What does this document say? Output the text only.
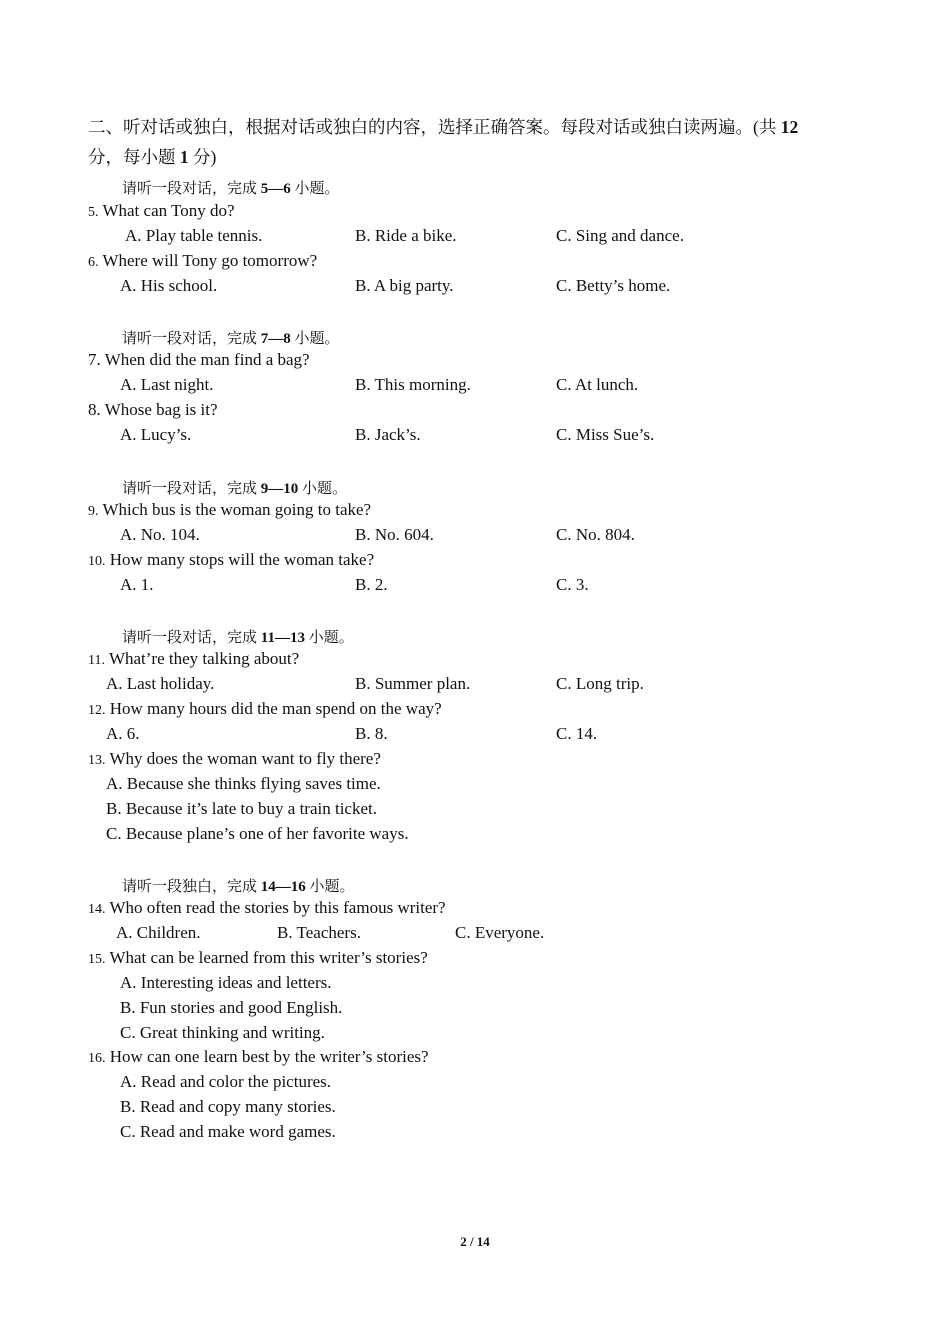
二、听对话或独白，根据对话或独白的内容，选择正确答案。每段对话或独白读两遍。(共 12
分，每小题 1 分)
请听一段对话，完成 5—6 小题。
5. What can Tony do?
A. Play table tennis.	B. Ride a bike.	C. Sing and dance.
6. Where will Tony go tomorrow?
A. His school.	B. A big party.	C. Betty’s home.
请听一段对话，完成 7—8 小题。
7. When did the man find a bag?
A. Last night.	B. This morning.	C. At lunch.
8. Whose bag is it?
A. Lucy’s.	B. Jack’s.	C. Miss Sue’s.
请听一段对话，完成 9—10 小题。
9. Which bus is the woman going to take?
A. No. 104.	B. No. 604.	C. No. 804.
10. How many stops will the woman take?
A. 1.	B. 2.	C. 3.
请听一段对话，完成 11—13 小题。
11. What’re they talking about?
A. Last holiday.	B. Summer plan.	C. Long trip.
12. How many hours did the man spend on the way?
A. 6.	B. 8.	C. 14.
13. Why does the woman want to fly there?
A. Because she thinks flying saves time.
B. Because it’s late to buy a train ticket.
C. Because plane’s one of her favorite ways.
请听一段独白，完成 14—16 小题。
14. Who often read the stories by this famous writer?
A. Children.	B. Teachers.	C. Everyone.
15. What can be learned from this writer’s stories?
A. Interesting ideas and letters.
B. Fun stories and good English.
C. Great thinking and writing.
16. How can one learn best by the writer’s stories?
A. Read and color the pictures.
B. Read and copy many stories.
C. Read and make word games.
2 / 14
